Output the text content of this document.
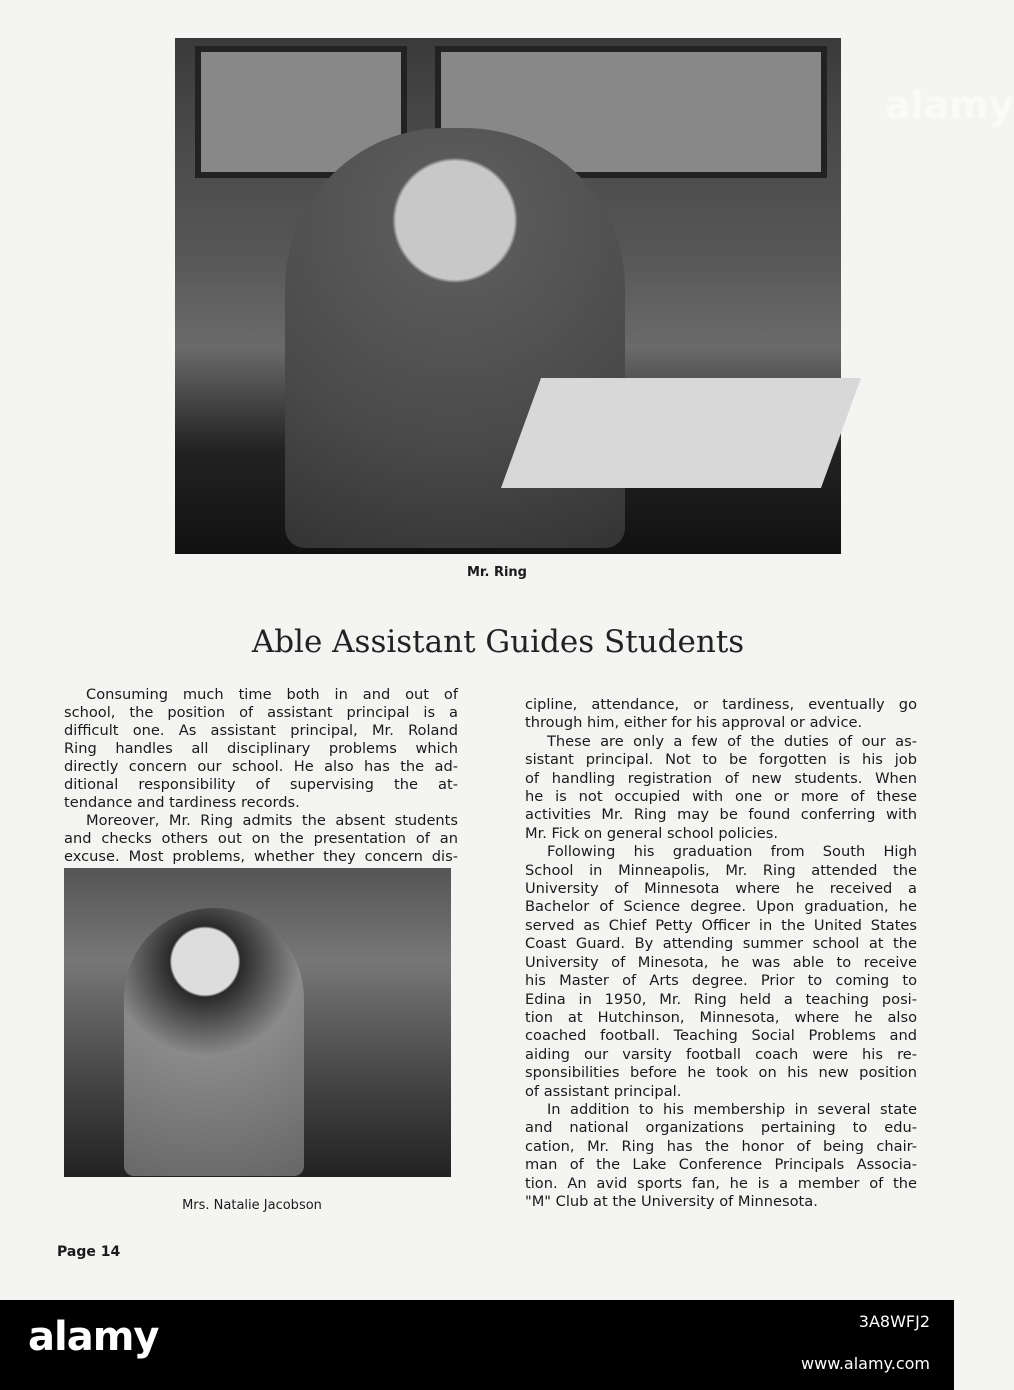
alamy
Mr. Ring
Able Assistant Guides Students
Consuming much time both in and out of
school, the position of assistant principal is a
difficult one. As assistant principal, Mr. Roland
Ring handles all disciplinary problems which
directly concern our school. He also has the ad-
ditional responsibility of supervising the at-
tendance and tardiness records.
Moreover, Mr. Ring admits the absent students
and checks others out on the presentation of an
excuse. Most problems, whether they concern dis-
cipline, attendance, or tardiness, eventually go
through him, either for his approval or advice.
These are only a few of the duties of our as-
sistant principal. Not to be forgotten is his job
of handling registration of new students. When
he is not occupied with one or more of these
activities Mr. Ring may be found conferring with
Mr. Fick on general school policies.
Following his graduation from South High
School in Minneapolis, Mr. Ring attended the
University of Minnesota where he received a
Bachelor of Science degree. Upon graduation, he
served as Chief Petty Officer in the United States
Coast Guard. By attending summer school at the
University of Minesota, he was able to receive
his Master of Arts degree. Prior to coming to
Edina in 1950, Mr. Ring held a teaching posi-
tion at Hutchinson, Minnesota, where he also
coached football. Teaching Social Problems and
aiding our varsity football coach were his re-
sponsibilities before he took on his new position
of assistant principal.
In addition to his membership in several state
and national organizations pertaining to edu-
cation, Mr. Ring has the honor of being chair-
man of the Lake Conference Principals Associa-
tion. An avid sports fan, he is a member of the
"M" Club at the University of Minnesota.
Mrs. Natalie Jacobson
Page 14
alamy	3A8WFJ2
www.alamy.com
